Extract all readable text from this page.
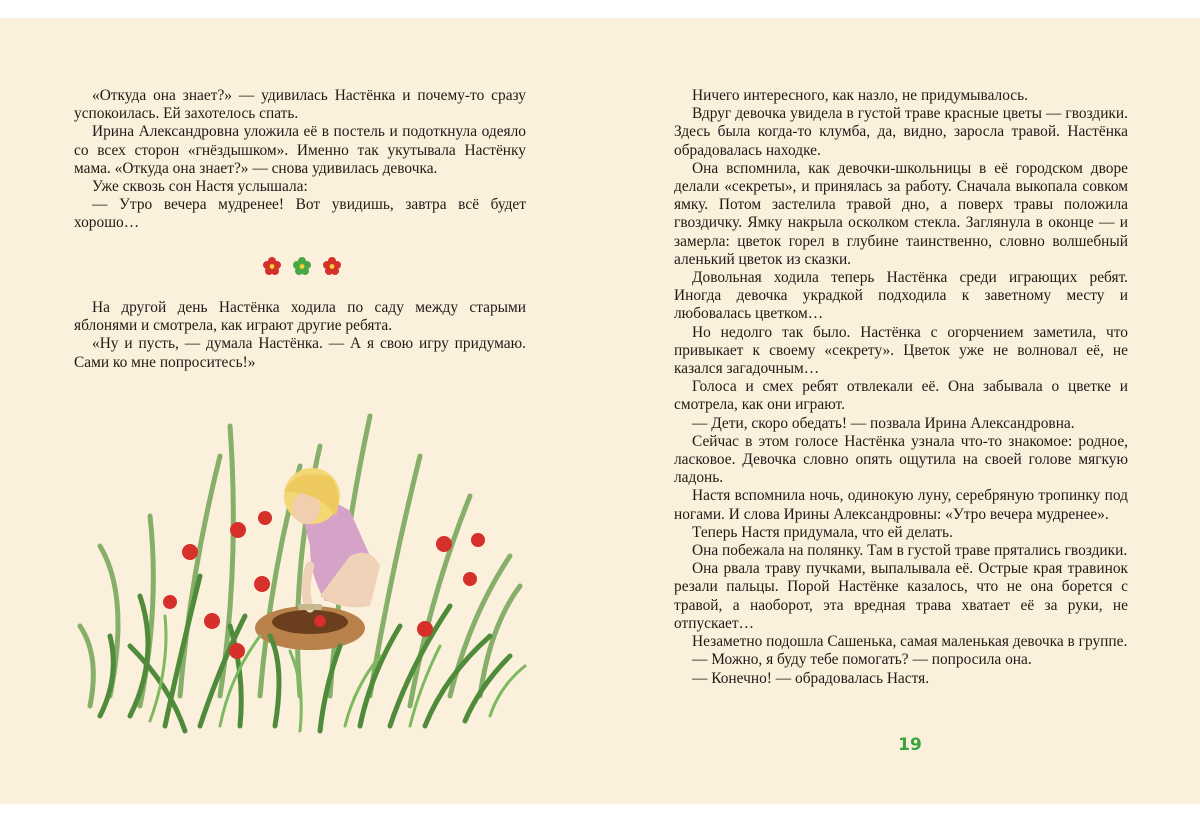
«Откуда она знает?» — удивилась Настёнка и почему-то сразу успокоилась. Ей захотелось спать.

Ирина Александровна уложила её в постель и подоткнула одеяло со всех сторон «гнёздышком». Именно так укутывала Настёнку мама. «Откуда она знает?» — снова удивилась девочка.

Уже сквозь сон Настя услышала:

— Утро вечера мудренее! Вот увидишь, завтра всё будет хорошо…

На другой день Настёнка ходила по саду между старыми яблонями и смотрела, как играют другие ребята.

«Ну и пусть, — думала Настёнка. — А я свою игру придумаю. Сами ко мне попроситесь!»

Ничего интересного, как назло, не придумывалось.

Вдруг девочка увидела в густой траве красные цветы — гвоздики. Здесь была когда-то клумба, да, видно, заросла травой. Настёнка обрадовалась находке.

Она вспомнила, как девочки-школьницы в её городском дворе делали «секреты», и принялась за работу. Сначала выкопала совком ямку. Потом застелила травой дно, а поверх травы положила гвоздичку. Ямку накрыла осколком стекла. Заглянула в оконце — и замерла: цветок горел в глубине таинственно, словно волшебный аленький цветок из сказки.

Довольная ходила теперь Настёнка среди играющих ребят. Иногда девочка украдкой подходила к заветному месту и любовалась цветком…

Но недолго так было. Настёнка с огорчением заметила, что привыкает к своему «секрету». Цветок уже не волновал её, не казался загадочным…

Голоса и смех ребят отвлекали её. Она забывала о цветке и смотрела, как они играют.

— Дети, скоро обедать! — позвала Ирина Александровна.

Сейчас в этом голосе Настёнка узнала что-то знакомое: родное, ласковое. Девочка словно опять ощутила на своей голове мягкую ладонь.

Настя вспомнила ночь, одинокую луну, серебряную тропинку под ногами. И слова Ирины Александровны: «Утро вечера мудренее».

Теперь Настя придумала, что ей делать.

Она побежала на полянку. Там в густой траве прятались гвоздики.

Она рвала траву пучками, выпалывала её. Острые края травинок резали пальцы. Порой Настёнке казалось, что не она борется с травой, а наоборот, эта вредная трава хватает её за руки, не отпускает…

Незаметно подошла Сашенька, самая маленькая девочка в группе.

— Можно, я буду тебе помогать? — попросила она.

— Конечно! — обрадовалась Настя.

19
